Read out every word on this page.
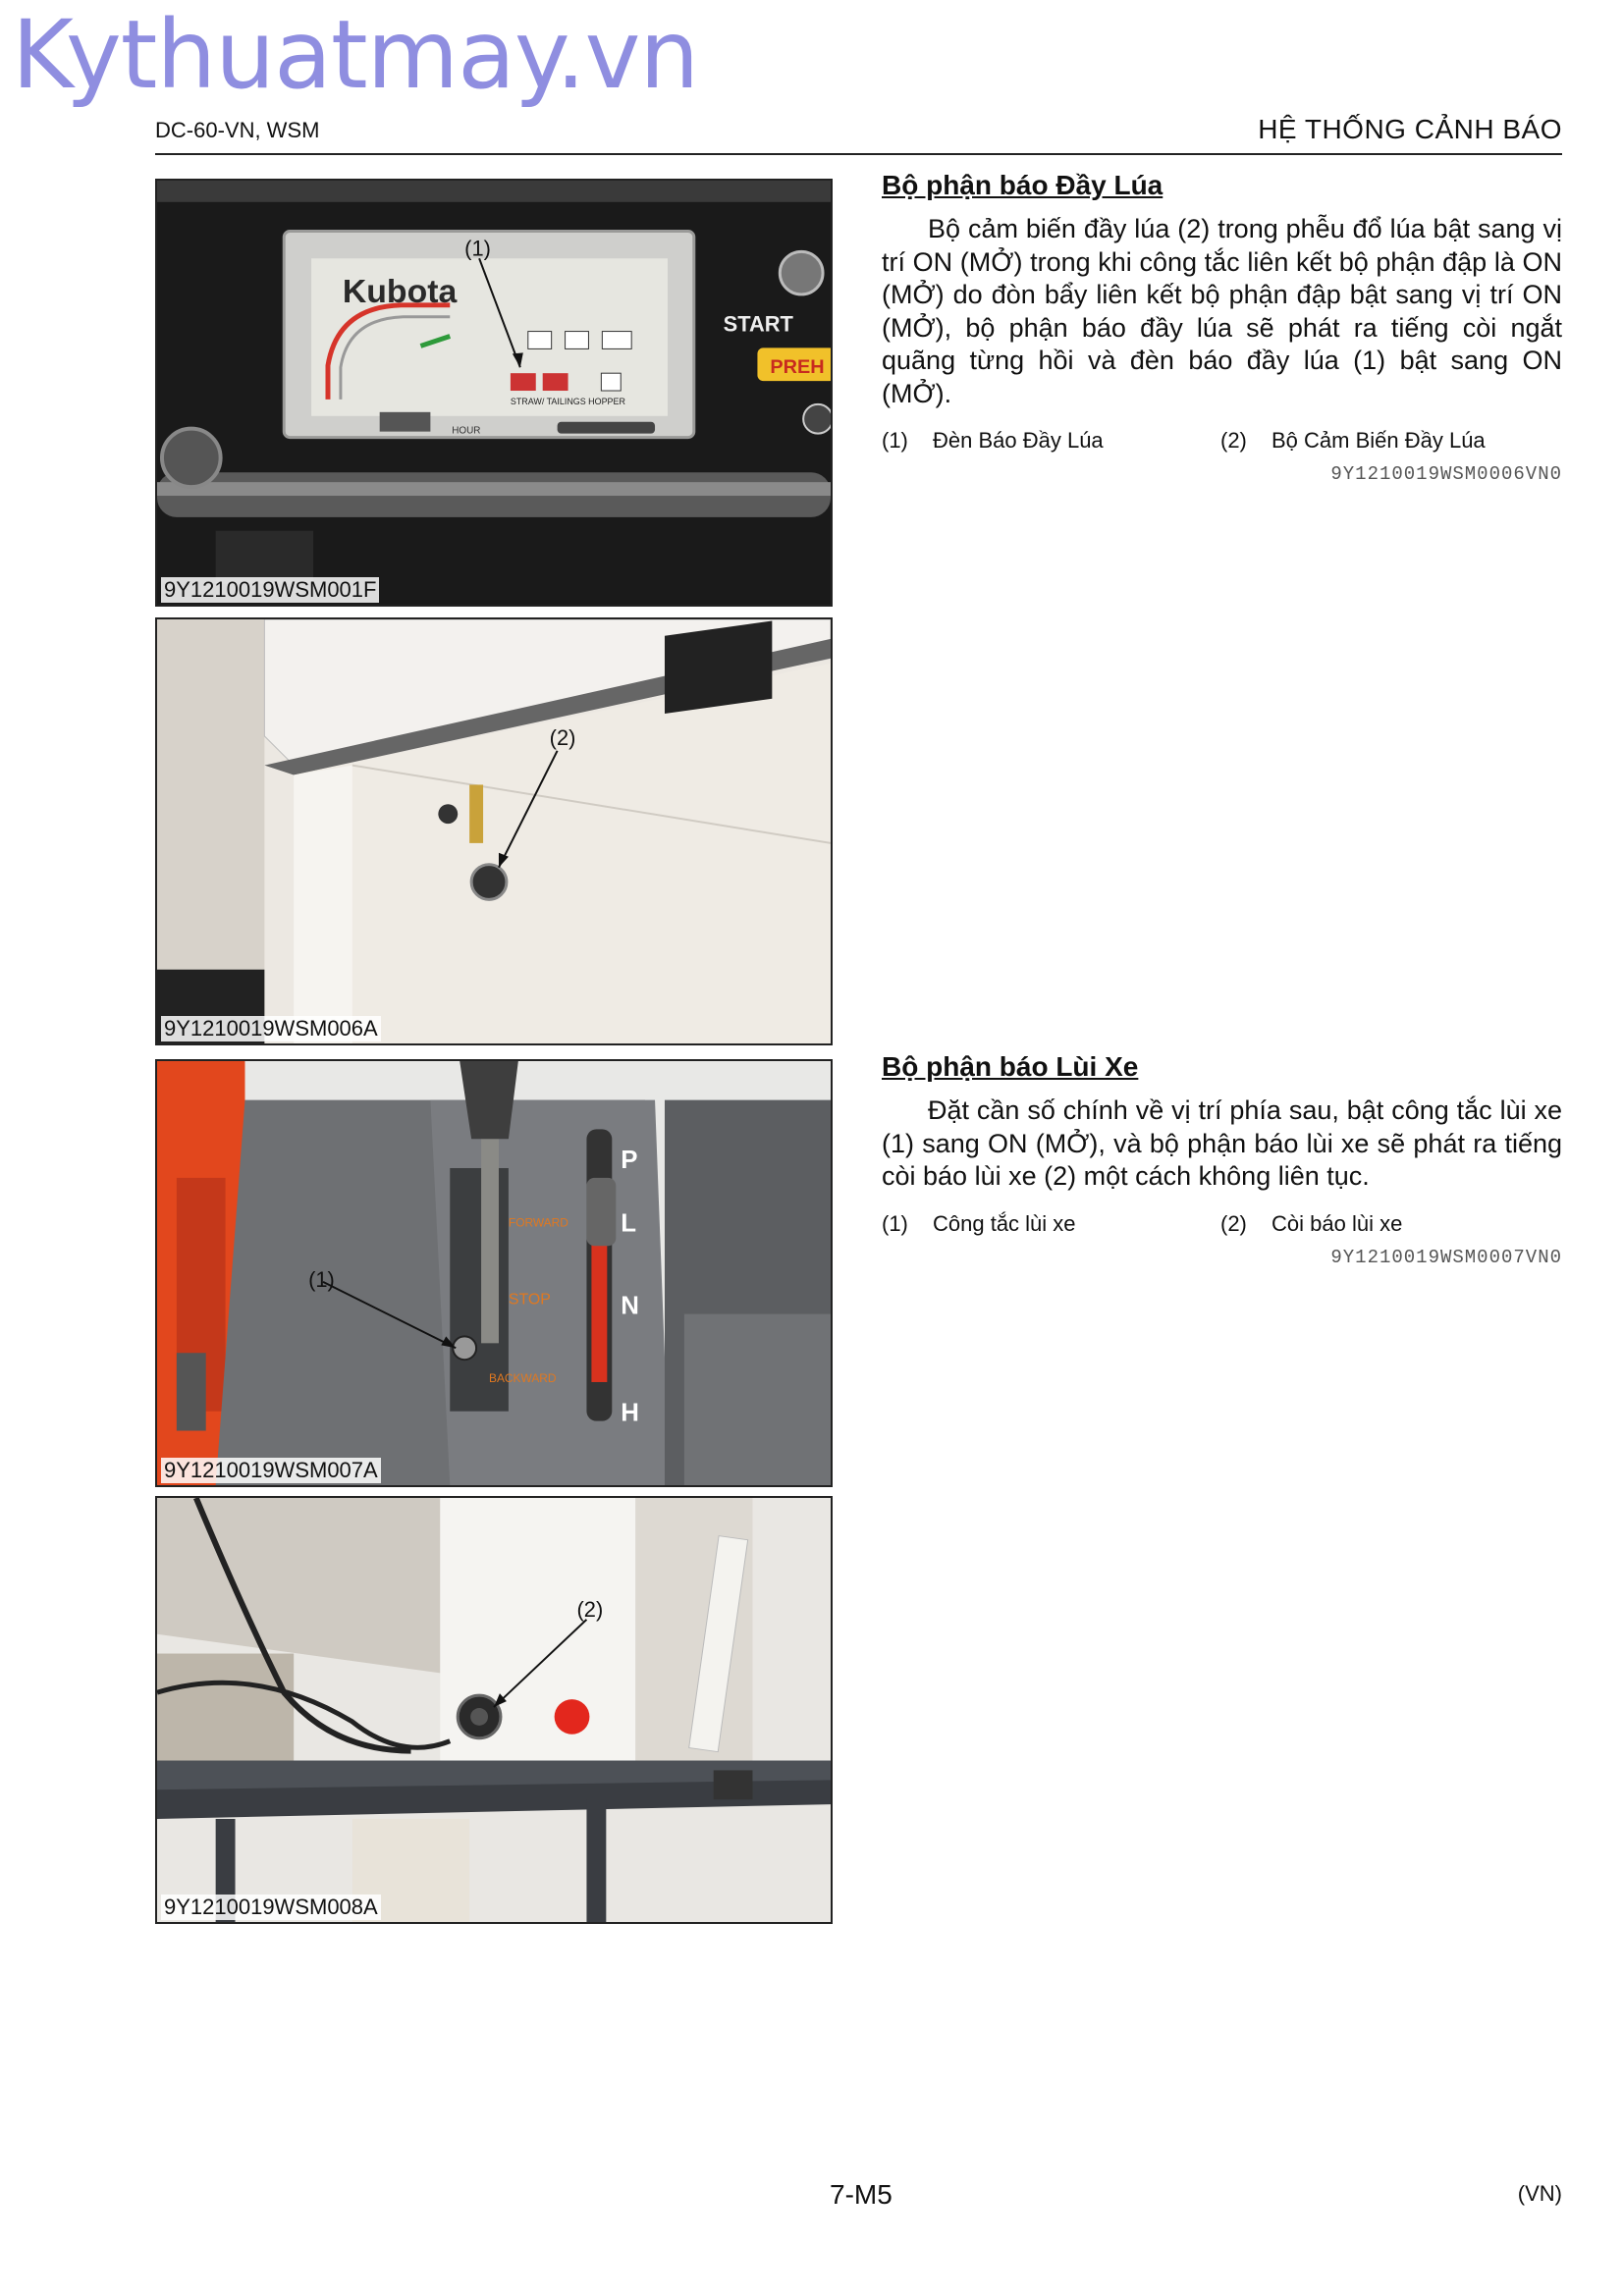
Kythuatmay.vn
DC-60-VN, WSM	HỆ THỐNG CẢNH BÁO
Kubota
STRAW/ TAILINGS HOPPER
HOUR
START
PREH
(1)
9Y1210019WSM001F
(2)
9Y1210019WSM006A
P
L
N
H
FORWARD
STOP
BACKWARD
(1)
9Y1210019WSM007A
(2)
9Y1210019WSM008A
Bộ phận báo Đầy Lúa

Bộ cảm biến đầy lúa (2) trong phễu đổ lúa bật sang vị trí ON (MỞ) trong khi công tắc liên kết bộ phận đập là ON (MỞ) do đòn bẩy liên kết bộ phận đập bật sang vị trí ON (MỞ), bộ phận báo đầy lúa sẽ phát ra tiếng còi ngắt quãng từng hồi và đèn báo đầy lúa (1) bật sang ON (MỞ).

(1)	Đèn Báo Đầy Lúa	(2)	Bộ Cảm Biến Đầy Lúa
9Y1210019WSM0006VN0
Bộ phận báo Lùi Xe

Đặt cần số chính về vị trí phía sau, bật công tắc lùi xe (1) sang ON (MỞ), và bộ phận báo lùi xe sẽ phát ra tiếng còi báo lùi xe (2) một cách không liên tục.

(1)	Công tắc lùi xe	(2)	Còi báo lùi xe
9Y1210019WSM0007VN0
7-M5	(VN)
